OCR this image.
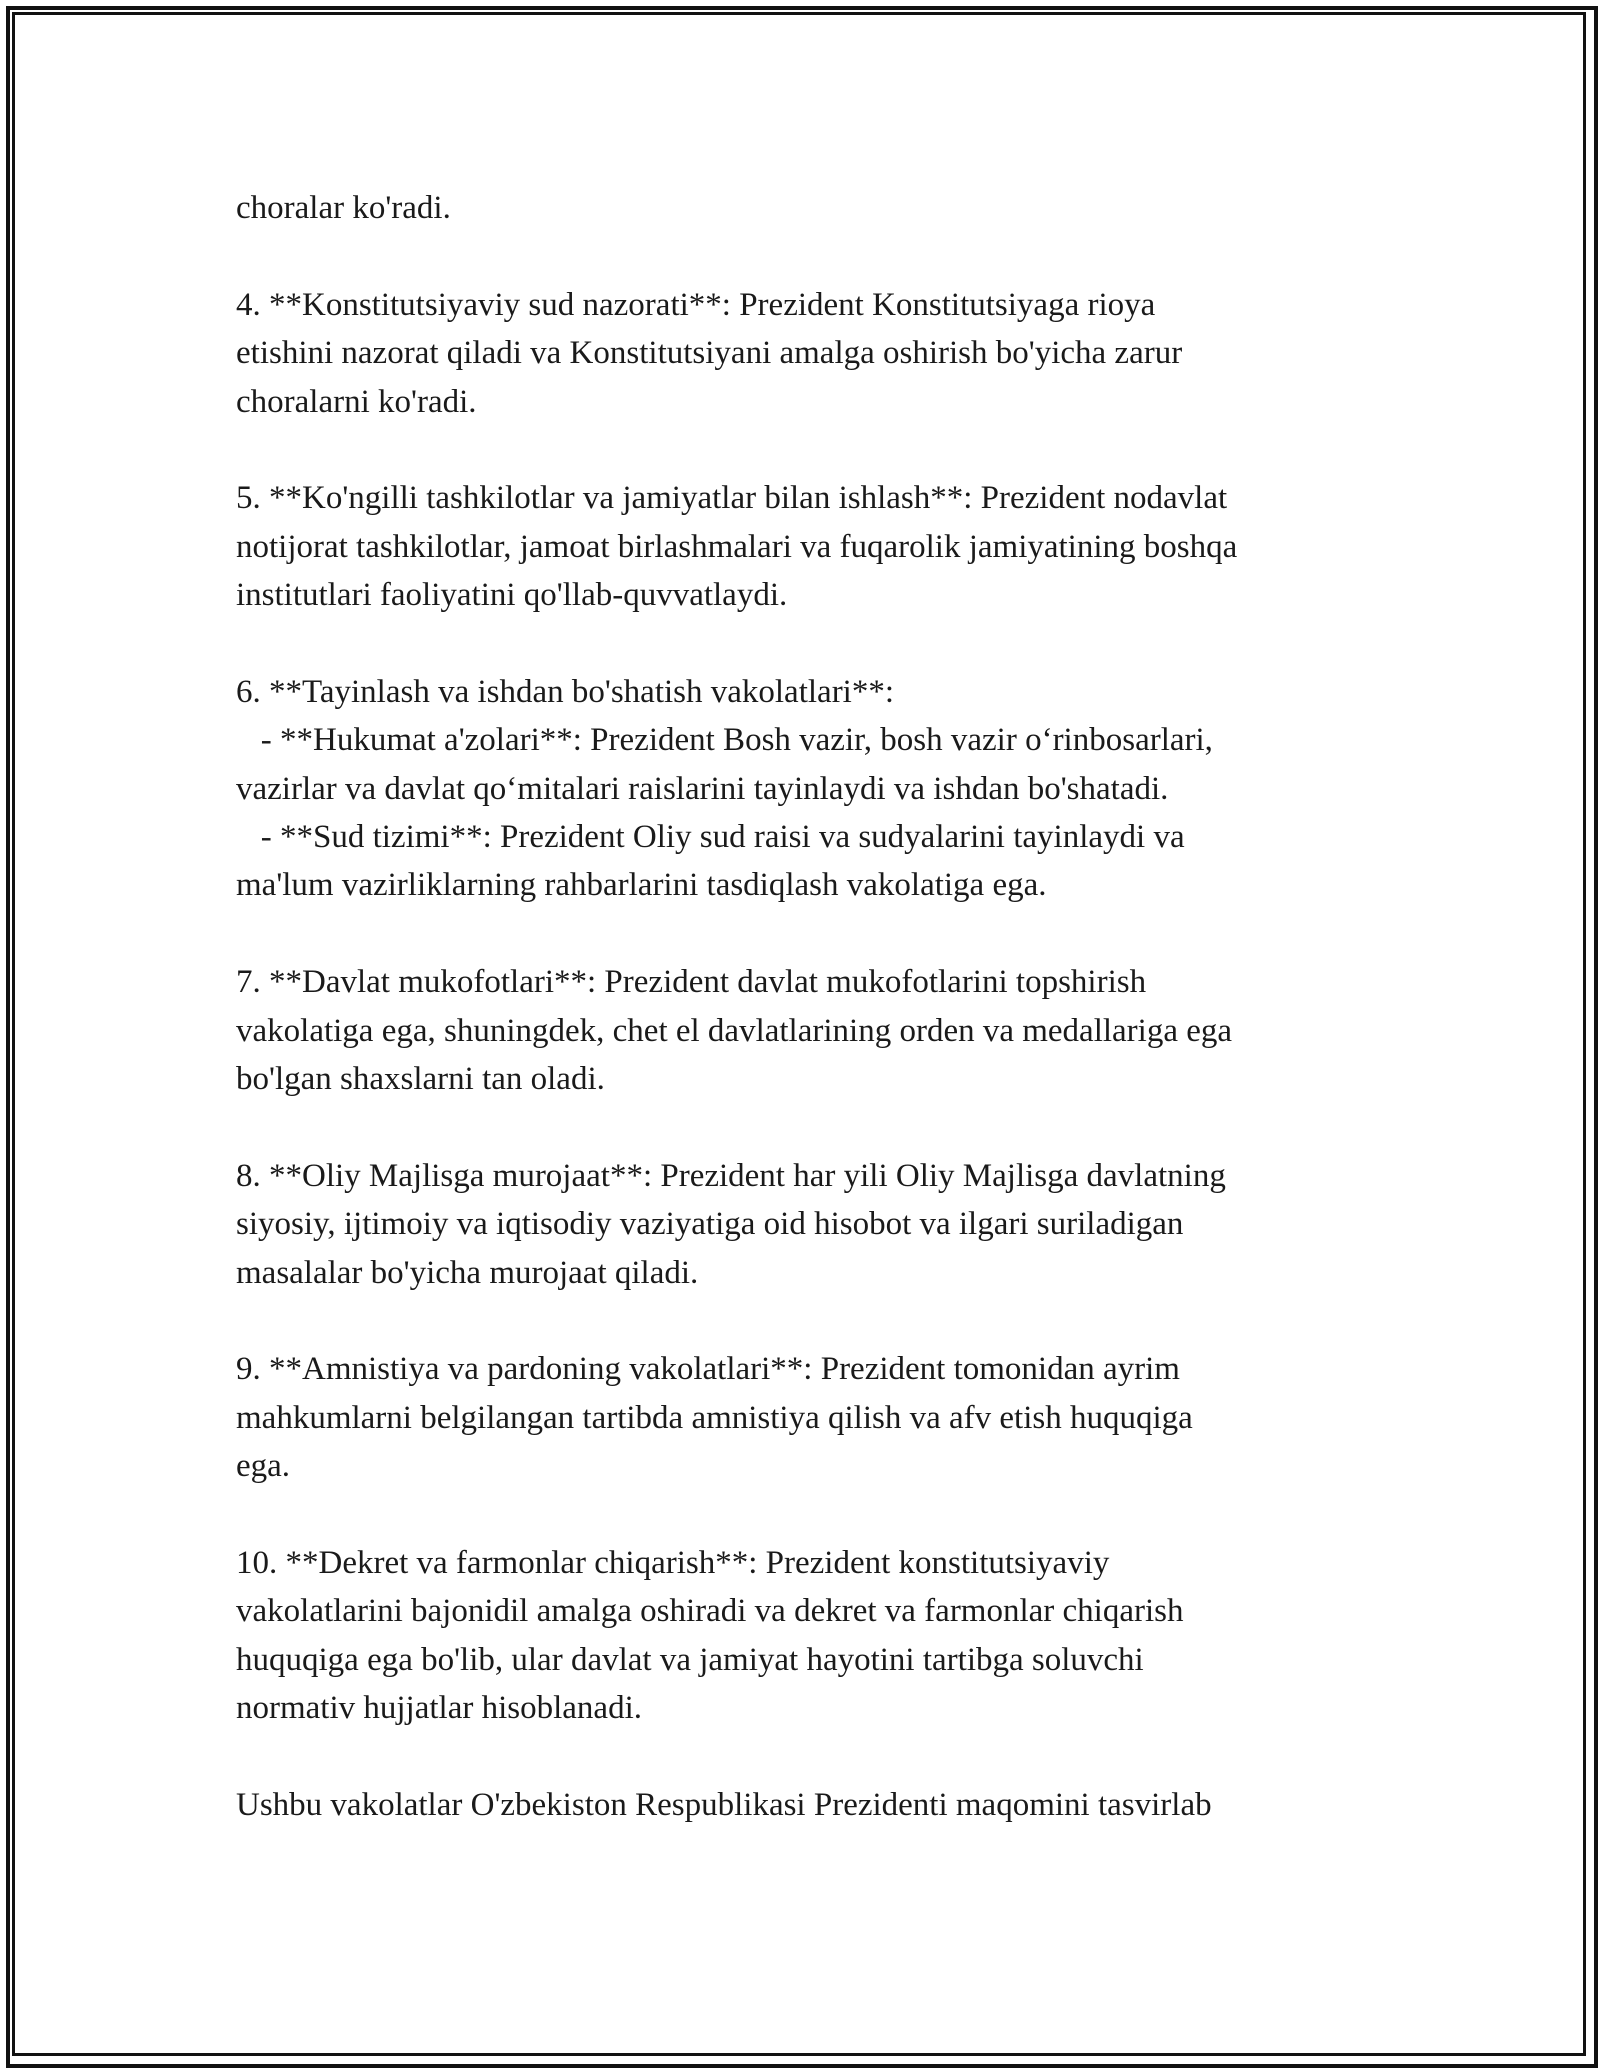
choralar ko'radi.
4. **Konstitutsiyaviy sud nazorati**: Prezident Konstitutsiyaga rioya
etishini nazorat qiladi va Konstitutsiyani amalga oshirish bo'yicha zarur
choralarni ko'radi.
5. **Ko'ngilli tashkilotlar va jamiyatlar bilan ishlash**: Prezident nodavlat
notijorat tashkilotlar, jamoat birlashmalari va fuqarolik jamiyatining boshqa
institutlari faoliyatini qo'llab-quvvatlaydi.
6. **Tayinlash va ishdan bo'shatish vakolatlari**:
- **Hukumat a'zolari**: Prezident Bosh vazir, bosh vazir o‘rinbosarlari,
vazirlar va davlat qo‘mitalari raislarini tayinlaydi va ishdan bo'shatadi.
- **Sud tizimi**: Prezident Oliy sud raisi va sudyalarini tayinlaydi va
ma'lum vazirliklarning rahbarlarini tasdiqlash vakolatiga ega.
7. **Davlat mukofotlari**: Prezident davlat mukofotlarini topshirish
vakolatiga ega, shuningdek, chet el davlatlarining orden va medallariga ega
bo'lgan shaxslarni tan oladi.
8. **Oliy Majlisga murojaat**: Prezident har yili Oliy Majlisga davlatning
siyosiy, ijtimoiy va iqtisodiy vaziyatiga oid hisobot va ilgari suriladigan
masalalar bo'yicha murojaat qiladi.
9. **Amnistiya va pardoning vakolatlari**: Prezident tomonidan ayrim
mahkumlarni belgilangan tartibda amnistiya qilish va afv etish huquqiga
ega.
10. **Dekret va farmonlar chiqarish**: Prezident konstitutsiyaviy
vakolatlarini bajonidil amalga oshiradi va dekret va farmonlar chiqarish
huquqiga ega bo'lib, ular davlat va jamiyat hayotini tartibga soluvchi
normativ hujjatlar hisoblanadi.
Ushbu vakolatlar O'zbekiston Respublikasi Prezidenti maqomini tasvirlab
